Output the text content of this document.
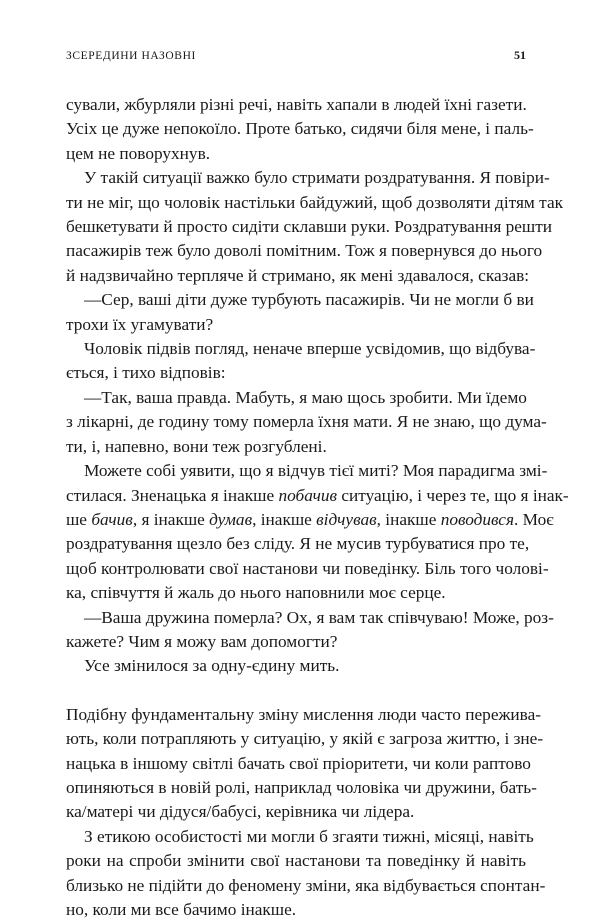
ЗСЕРЕДИНИ НАЗОВНІ	51

сували, жбурляли різні речі, навіть хапали в людей їхні газети.

Усіх це дуже непокоїло. Проте батько, сидячи біля мене, і паль-

цем не поворухнув.

У такій ситуації важко було стримати роздратування. Я повіри-

ти не міг, що чоловік настільки байдужий, щоб дозволяти дітям так

бешкетувати й просто сидіти склавши руки. Роздратування решти

пасажирів теж було доволі помітним. Тож я повернувся до нього

й надзвичайно терпляче й стримано, як мені здавалося, сказав:

—Сер, ваші діти дуже турбують пасажирів. Чи не могли б ви

трохи їх угамувати?

Чоловік підвів погляд, неначе вперше усвідомив, що відбува-

ється, і тихо відповів:

—Так, ваша правда. Мабуть, я маю щось зробити. Ми їдемо

з лікарні, де годину тому померла їхня мати. Я не знаю, що дума-

ти, і, напевно, вони теж розгублені.

Можете собі уявити, що я відчув тієї миті? Моя парадигма змі-

стилася. Зненацька я інакше побачив ситуацію, і через те, що я інак-

ше бачив, я інакше думав, інакше відчував, інакше поводився. Моє

роздратування щезло без сліду. Я не мусив турбуватися про те,

щоб контролювати свої настанови чи поведінку. Біль того чолові-

ка, співчуття й жаль до нього наповнили моє серце.

—Ваша дружина померла? Ох, я вам так співчуваю! Може, роз-

кажете? Чим я можу вам допомогти?

Усе змінилося за одну-єдину мить.

Подібну фундаментальну зміну мислення люди часто пережива-

ють, коли потрапляють у ситуацію, у якій є загроза життю, і зне-

нацька в іншому світлі бачать свої пріоритети, чи коли раптово

опиняються в новій ролі, наприклад чоловіка чи дружини, бать-

ка/матері чи дідуся/бабусі, керівника чи лідера.

З етикою особистості ми могли б згаяти тижні, місяці, навіть

роки на спроби змінити свої настанови та поведінку й навіть

близько не підійти до феномену зміни, яка відбувається спонтан-

но, коли ми все бачимо інакше.
